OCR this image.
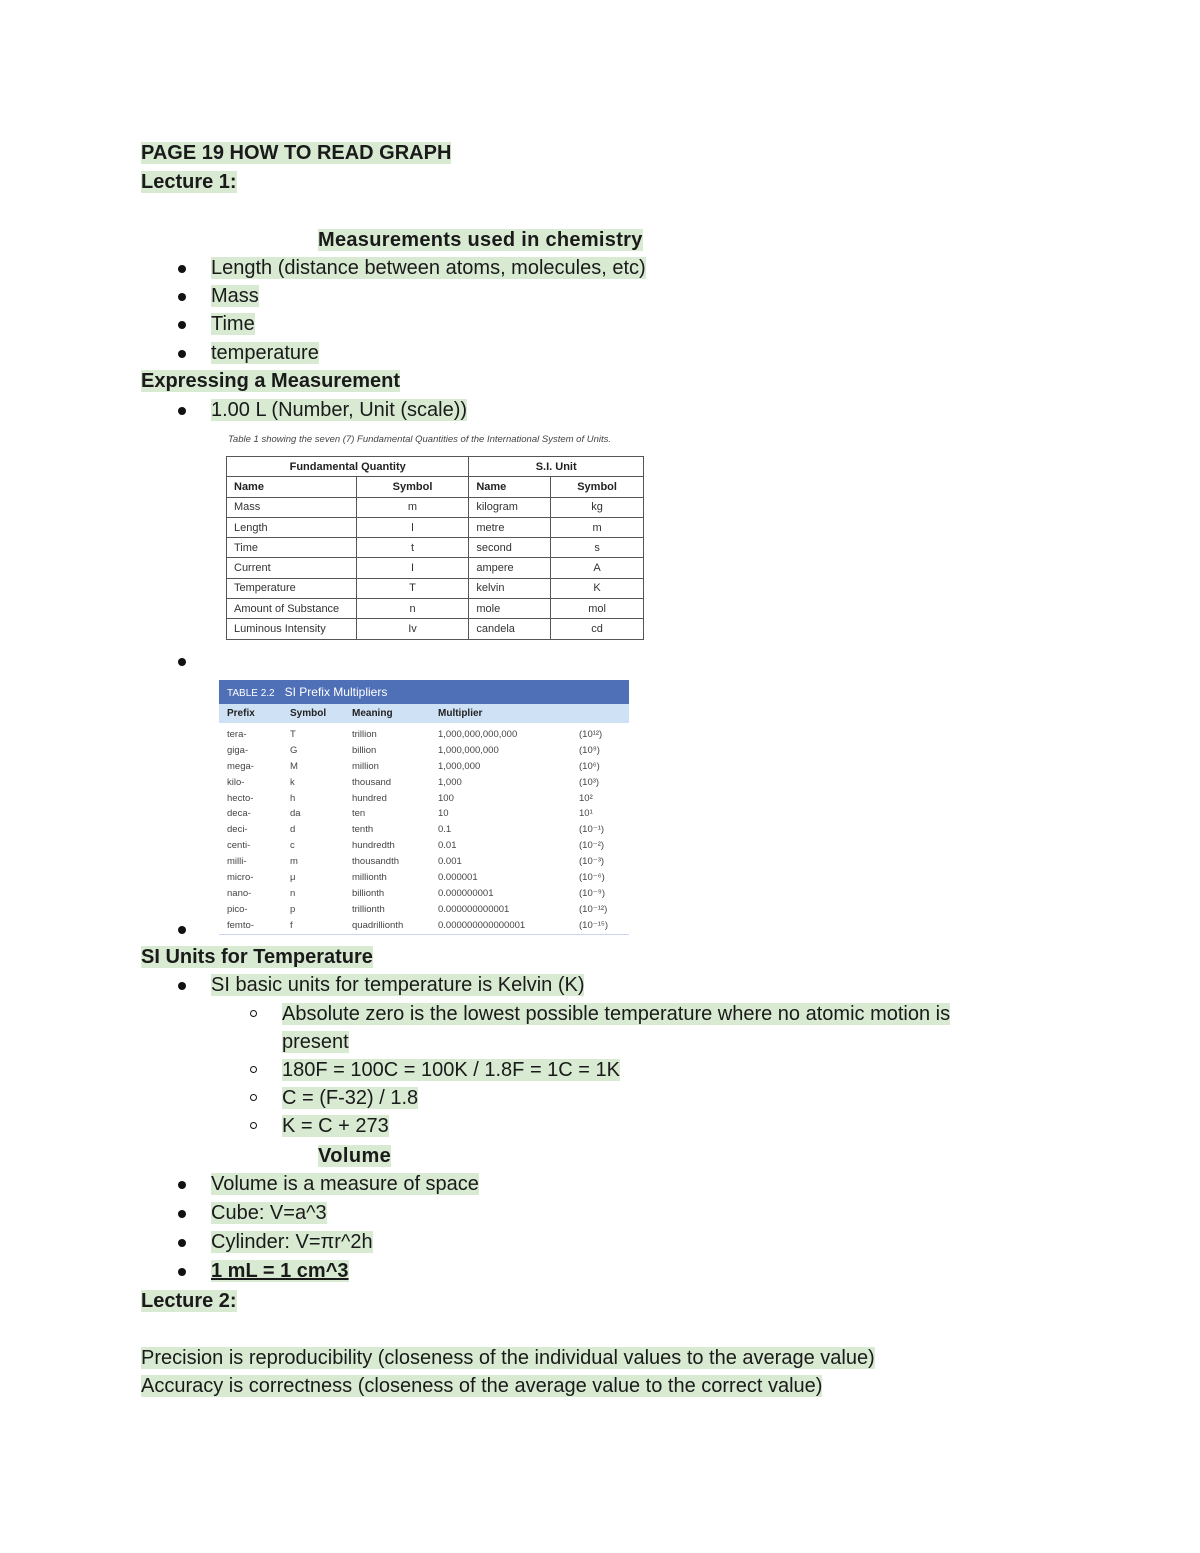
PAGE 19 HOW TO READ GRAPH
Lecture 1:
Measurements used in chemistry
Length (distance between atoms, molecules, etc)
Mass
Time
temperature
Expressing a Measurement
1.00 L (Number, Unit (scale))
Table 1 showing the seven (7) Fundamental Quantities of the International System of Units.
Fundamental Quantity		S.I. Unit	
Name	Symbol	Name	Symbol
Mass	m	kilogram	kg
Length	l	metre	m
Time	t	second	s
Current	I	ampere	A
Temperature	T	kelvin	K
Amount of Substance	n	mole	mol
Luminous Intensity	Iv	candela	cd
TABLE 2.2 SI Prefix Multipliers
Prefix	Symbol	Meaning	Multiplier
tera-	T	trillion	1,000,000,000,000	(10¹²)
giga-	G	billion	1,000,000,000	(10⁹)
mega-	M	million	1,000,000	(10⁶)
kilo-	k	thousand	1,000	(10³)
hecto-	h	hundred	100	10²
deca-	da	ten	10	10¹
deci-	d	tenth	0.1	(10⁻¹)
centi-	c	hundredth	0.01	(10⁻²)
milli-	m	thousandth	0.001	(10⁻³)
micro-	μ	millionth	0.000001	(10⁻⁶)
nano-	n	billionth	0.000000001	(10⁻⁹)
pico-	p	trillionth	0.000000000001	(10⁻¹²)
femto-	f	quadrillionth	0.000000000000001	(10⁻¹⁵)
SI Units for Temperature
SI basic units for temperature is Kelvin (K)
Absolute zero is the lowest possible temperature where no atomic motion is
present
180F = 100C = 100K / 1.8F = 1C = 1K
C = (F-32) / 1.8
K = C + 273
Volume
Volume is a measure of space
Cube: V=a^3
Cylinder: V=πr^2h
1 mL = 1 cm^3
Lecture 2:
Precision is reproducibility (closeness of the individual values to the average value)
Accuracy is correctness (closeness of the average value to the correct value)
